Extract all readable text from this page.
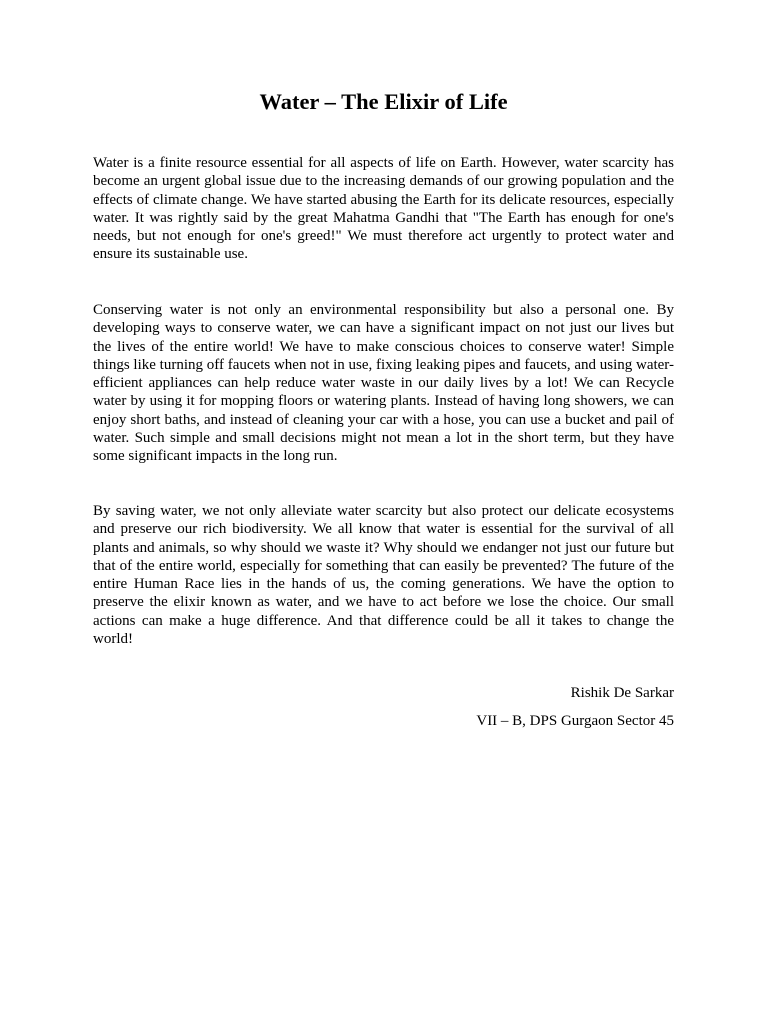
Water – The Elixir of Life

Water is a finite resource essential for all aspects of life on Earth. However, water scarcity has become an urgent global issue due to the increasing demands of our growing population and the effects of climate change. We have started abusing the Earth for its delicate resources, especially water. It was rightly said by the great Mahatma Gandhi that "The Earth has enough for one's needs, but not enough for one's greed!" We must therefore act urgently to protect water and ensure its sustainable use.

Conserving water is not only an environmental responsibility but also a personal one. By developing ways to conserve water, we can have a significant impact on not just our lives but the lives of the entire world! We have to make conscious choices to conserve water! Simple things like turning off faucets when not in use, fixing leaking pipes and faucets, and using water-efficient appliances can help reduce water waste in our daily lives by a lot! We can Recycle water by using it for mopping floors or watering plants. Instead of having long showers, we can enjoy short baths, and instead of cleaning your car with a hose, you can use a bucket and pail of water. Such simple and small decisions might not mean a lot in the short term, but they have some significant impacts in the long run.

By saving water, we not only alleviate water scarcity but also protect our delicate ecosystems and preserve our rich biodiversity. We all know that water is essential for the survival of all plants and animals, so why should we waste it? Why should we endanger not just our future but that of the entire world, especially for something that can easily be prevented? The future of the entire Human Race lies in the hands of us, the coming generations. We have the option to preserve the elixir known as water, and we have to act before we lose the choice. Our small actions can make a huge difference. And that difference could be all it takes to change the world!

Rishik De Sarkar

VII – B, DPS Gurgaon Sector 45
